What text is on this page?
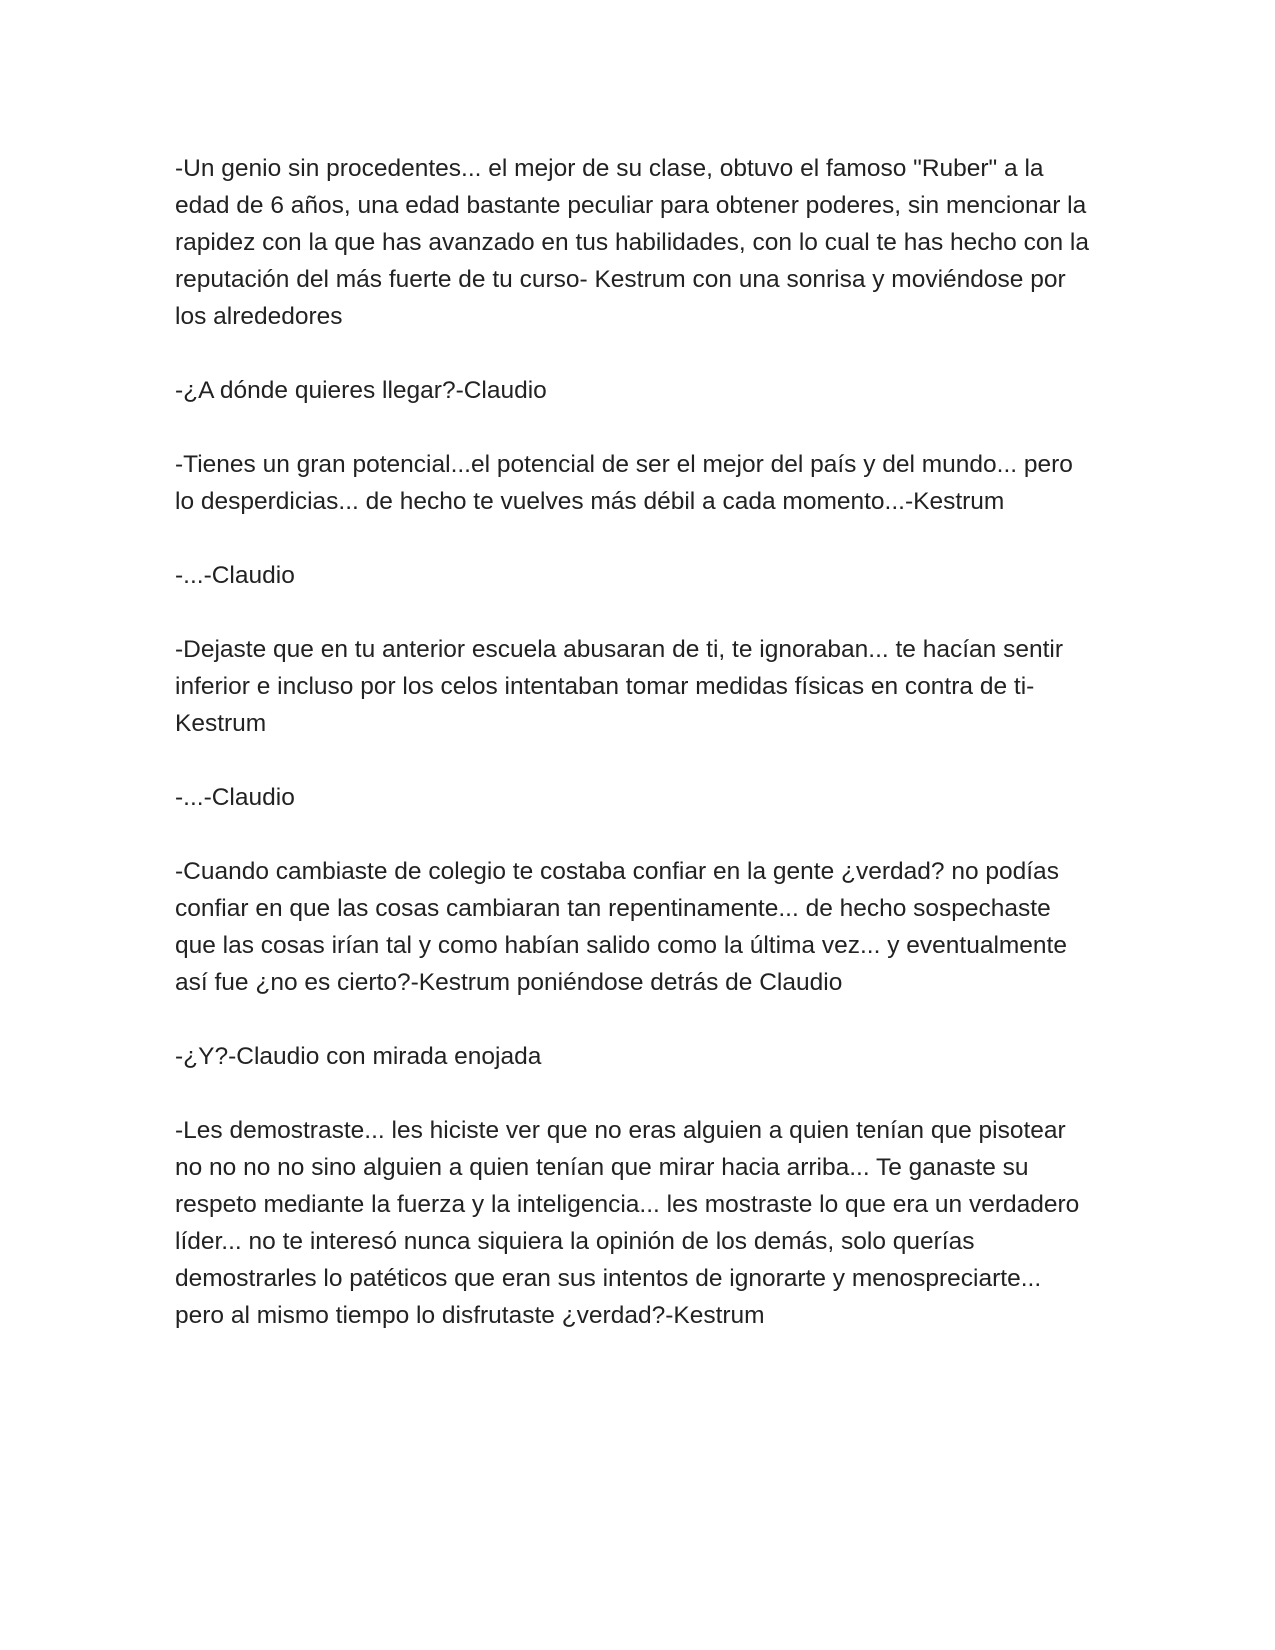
-Un genio sin procedentes... el mejor de su clase, obtuvo el famoso "Ruber" a la edad de 6 años, una edad bastante peculiar para obtener poderes, sin mencionar la rapidez con la que has avanzado en tus habilidades, con lo cual te has hecho con la reputación del más fuerte de tu curso- Kestrum con una sonrisa y moviéndose por los alrededores

-¿A dónde quieres llegar?-Claudio

-Tienes un gran potencial...el potencial de ser el mejor del país y del mundo... pero lo desperdicias... de hecho te vuelves más débil a cada momento...-Kestrum

-...-Claudio

-Dejaste que en tu anterior escuela abusaran de ti, te ignoraban... te hacían sentir inferior e incluso por los celos intentaban tomar medidas físicas en contra de ti-Kestrum

-...-Claudio

-Cuando cambiaste de colegio te costaba confiar en la gente ¿verdad? no podías confiar en que las cosas cambiaran tan repentinamente... de hecho sospechaste que las cosas irían tal y como habían salido como la última vez... y eventualmente así fue ¿no es cierto?-Kestrum poniéndose detrás de Claudio

-¿Y?-Claudio con mirada enojada

-Les demostraste... les hiciste ver que no eras alguien a quien tenían que pisotear no no no no sino alguien a quien tenían que mirar hacia arriba... Te ganaste su respeto mediante la fuerza y la inteligencia... les mostraste lo que era un verdadero líder... no te interesó nunca siquiera la opinión de los demás, solo querías demostrarles lo patéticos que eran sus intentos de ignorarte y menospreciarte... pero al mismo tiempo lo disfrutaste ¿verdad?-Kestrum
